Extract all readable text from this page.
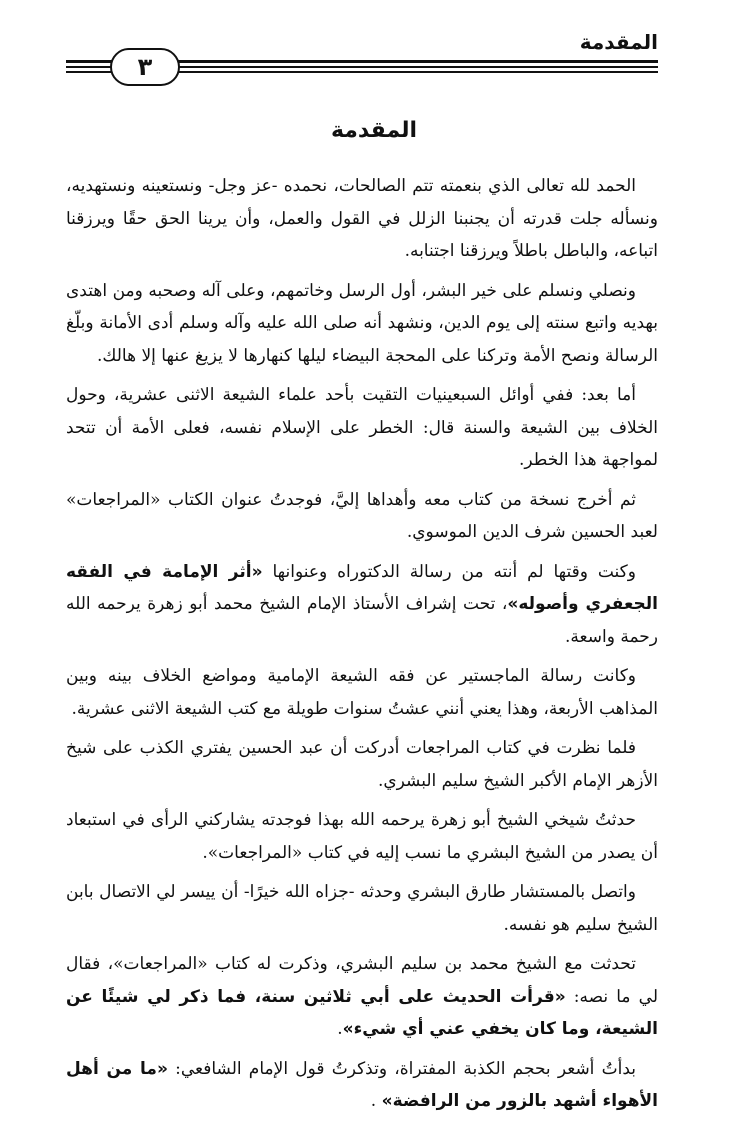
المقدمة
٣
المقدمة

الحمد لله تعالى الذي بنعمته تتم الصالحات، نحمده -عز وجل- ونستعينه ونستهديه، ونسأله جلت قدرته أن يجنبنا الزلل في القول والعمل، وأن يرينا الحق حقًا ويرزقنا اتباعه، والباطل باطلاً ويرزقنا اجتنابه.

ونصلي ونسلم على خير البشر، أول الرسل وخاتمهم، وعلى آله وصحبه ومن اهتدى بهديه واتبع سنته إلى يوم الدين، ونشهد أنه صلى الله عليه وآله وسلم أدى الأمانة وبلّغ الرسالة ونصح الأمة وتركنا على المحجة البيضاء ليلها كنهارها لا يزيغ عنها إلا هالك.

أما بعد: ففي أوائل السبعينيات التقيت بأحد علماء الشيعة الاثنى عشرية، وحول الخلاف بين الشيعة والسنة قال: الخطر على الإسلام نفسه، فعلى الأمة أن تتحد لمواجهة هذا الخطر.

ثم أخرج نسخة من كتاب معه وأهداها إليَّ، فوجدتُ عنوان الكتاب «المراجعات» لعبد الحسين شرف الدين الموسوي.

وكنت وقتها لم أنته من رسالة الدكتوراه وعنوانها «أثر الإمامة في الفقه الجعفري وأصوله»، تحت إشراف الأستاذ الإمام الشيخ محمد أبو زهرة يرحمه الله رحمة واسعة.

وكانت رسالة الماجستير عن فقه الشيعة الإمامية ومواضع الخلاف بينه وبين المذاهب الأربعة، وهذا يعني أنني عشتُ سنوات طويلة مع كتب الشيعة الاثنى عشرية.

فلما نظرت في كتاب المراجعات أدركت أن عبد الحسين يفتري الكذب على شيخ الأزهر الإمام الأكبر الشيخ سليم البشري.

حدثتُ شيخي الشيخ أبو زهرة يرحمه الله بهذا فوجدته يشاركني الرأى في استبعاد أن يصدر من الشيخ البشري ما نسب إليه في كتاب «المراجعات».

واتصل بالمستشار طارق البشري وحدثه -جزاه الله خيرًا- أن ييسر لي الاتصال بابن الشيخ سليم هو نفسه.

تحدثت مع الشيخ محمد بن سليم البشري، وذكرت له كتاب «المراجعات»، فقال لي ما نصه: «قرأت الحديث على أبي ثلاثين سنة، فما ذكر لي شيئًا عن الشيعة، وما كان يخفي عني أي شيء».

بدأتُ أشعر بحجم الكذبة المفتراة، وتذكرتُ قول الإمام الشافعي: «ما من أهل الأهواء أشهد بالزور من الرافضة» .
